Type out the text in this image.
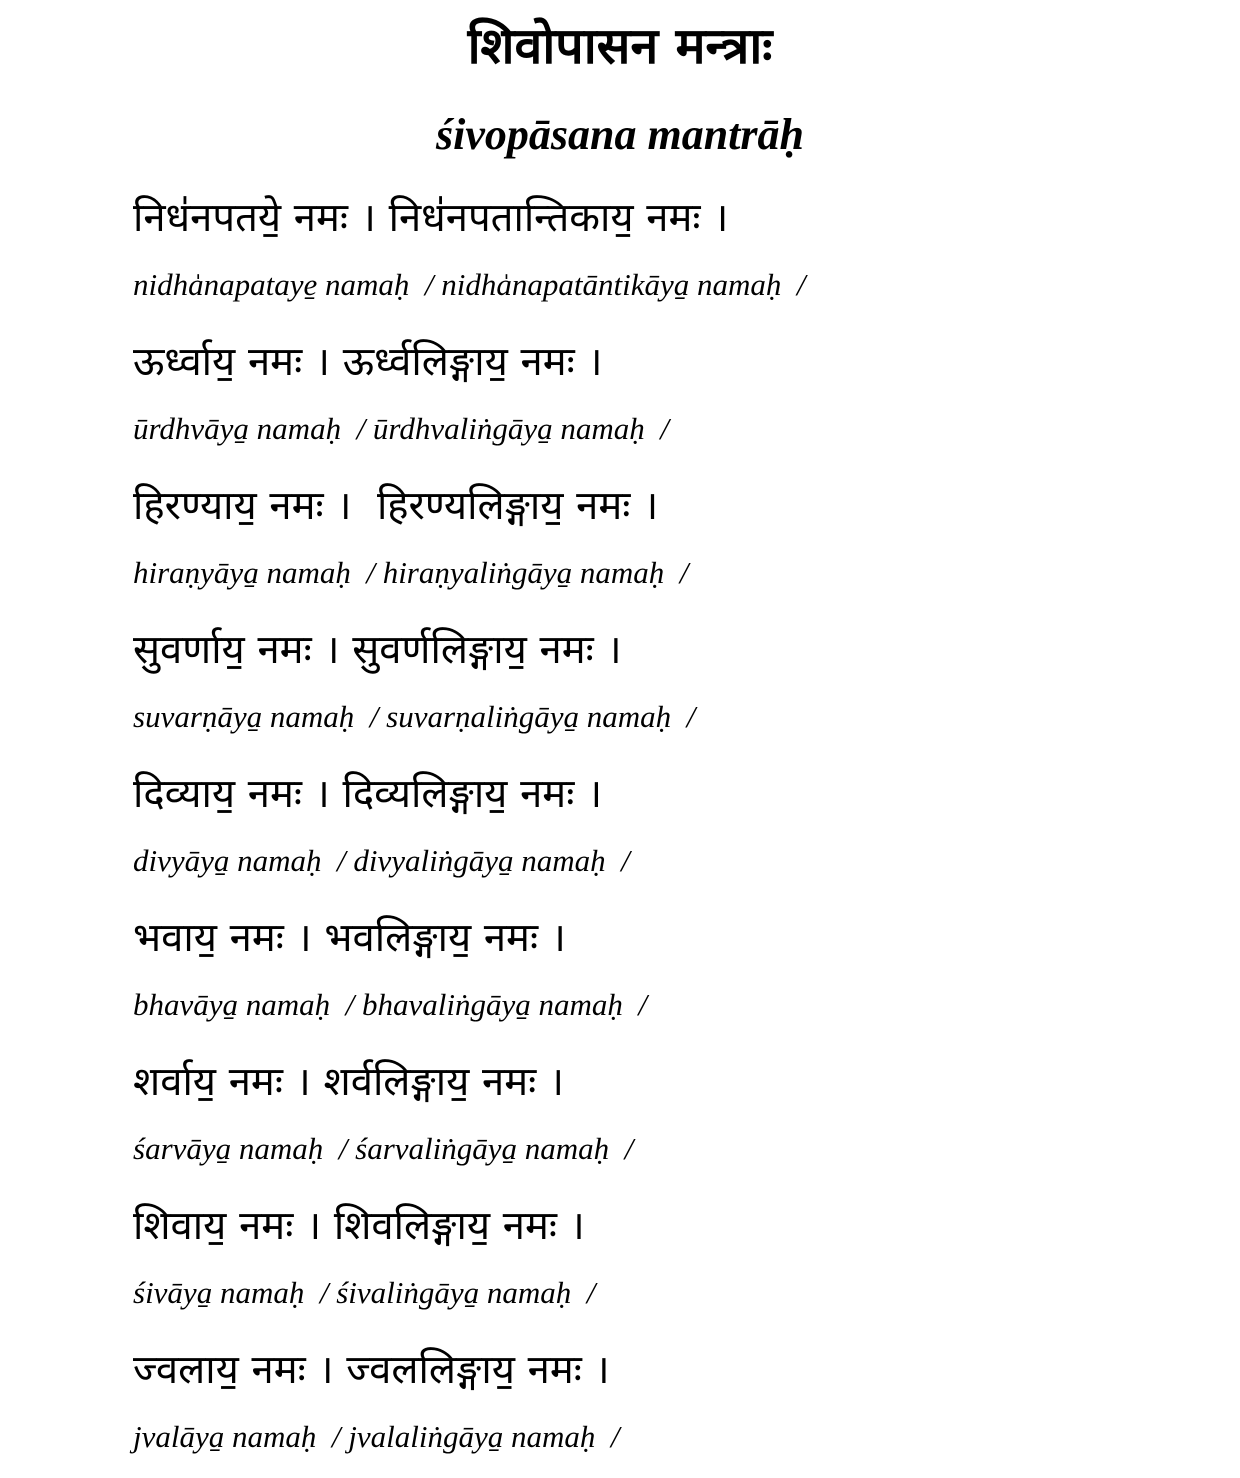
शिवोपासन मन्त्राः
śivopāsana mantrāḥ
निध॑नपतये॒ नमः । निध॑नपतान्तिकाय॒ नमः ।
nidha̍napataye̱ namaḥ  / nidha̍napatāntikāya̱ namaḥ  /
ऊर्ध्वाय॒ नमः । ऊर्ध्वलिङ्गाय॒ नमः ।
ūrdhvāya̱ namaḥ  / ūrdhvaliṅgāya̱ namaḥ  /
हिरण्याय॒ नमः ।  हिरण्यलिङ्गाय॒ नमः ।
hiraṇyāya̱ namaḥ  / hiraṇyaliṅgāya̱ namaḥ  /
सुवर्णाय॒ नमः । सुवर्णलिङ्गाय॒ नमः ।
suvarṇāya̱ namaḥ  / suvarṇaliṅgāya̱ namaḥ  /
दिव्याय॒ नमः । दिव्यलिङ्गाय॒ नमः ।
divyāya̱ namaḥ  / divyaliṅgāya̱ namaḥ  /
भवाय॒ नमः । भवलिङ्गाय॒ नमः ।
bhavāya̱ namaḥ  / bhavaliṅgāya̱ namaḥ  /
शर्वाय॒ नमः । शर्वलिङ्गाय॒ नमः ।
śarvāya̱ namaḥ  / śarvaliṅgāya̱ namaḥ  /
शिवाय॒ नमः । शिवलिङ्गाय॒ नमः ।
śivāya̱ namaḥ  / śivaliṅgāya̱ namaḥ  /
ज्वलाय॒ नमः । ज्वललिङ्गाय॒ नमः ।
jvalāya̱ namaḥ  / jvalaliṅgāya̱ namaḥ  /
